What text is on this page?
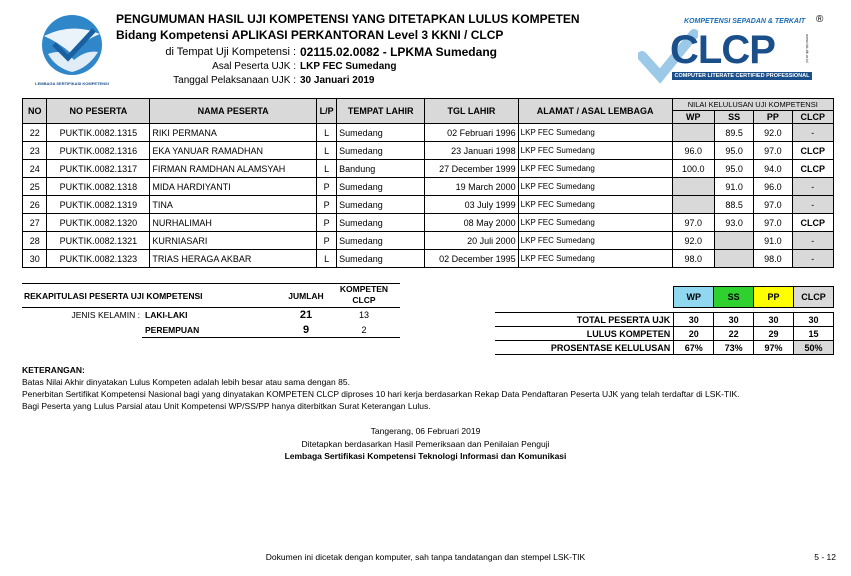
LEMBAGA SERTIFIKASI KOMPETENSI
PENGUMUMAN HASIL UJI KOMPETENSI YANG DITETAPKAN LULUS KOMPETEN
Bidang Kompetensi APLIKASI PERKANTORAN Level 3 KKNI / CLCP
di Tempat Uji Kompetensi : 02115.02.0082 - LPKMA Sumedang
Asal Peserta UJK : LKP FEC Sumedang
Tanggal Pelaksanaan UJK : 30 Januari 2019
KOMPETENSI SEPADAN & TERKAIT ®
CLCP
COMPUTER LITERATE CERTIFIED PROFESSIONAL
www.lsk-tik.or.id
NO	NO PESERTA	NAMA PESERTA	L/P	TEMPAT LAHIR	TGL LAHIR	ALAMAT / ASAL LEMBAGA	NILAI KELULUSAN UJI KOMPETENSI			
							WP	SS	PP	CLCP
22	PUKTIK.0082.1315	RIKI PERMANA	L	Sumedang	02 Februari 1996	LKP FEC Sumedang		89.5	92.0	-
23	PUKTIK.0082.1316	EKA YANUAR RAMADHAN	L	Sumedang	23 Januari 1998	LKP FEC Sumedang	96.0	95.0	97.0	CLCP
24	PUKTIK.0082.1317	FIRMAN RAMDHAN ALAMSYAH	L	Bandung	27 December 1999	LKP FEC Sumedang	100.0	95.0	94.0	CLCP
25	PUKTIK.0082.1318	MIDA HARDIYANTI	P	Sumedang	19 March 2000	LKP FEC Sumedang		91.0	96.0	-
26	PUKTIK.0082.1319	TINA	P	Sumedang	03 July 1999	LKP FEC Sumedang		88.5	97.0	-
27	PUKTIK.0082.1320	NURHALIMAH	P	Sumedang	08 May 2000	LKP FEC Sumedang	97.0	93.0	97.0	CLCP
28	PUKTIK.0082.1321	KURNIASARI	P	Sumedang	20 Juli 2000	LKP FEC Sumedang	92.0		91.0	-
30	PUKTIK.0082.1323	TRIAS HERAGA AKBAR	L	Sumedang	02 December 1995	LKP FEC Sumedang	98.0		98.0	-
REKAPITULASI PESERTA UJI KOMPETENSI	JUMLAH
KOMPETEN
CLCP
JENIS KELAMIN : LAKI-LAKI	21	13
PEREMPUAN	9	2
	WP	SS	PP	CLCP

TOTAL PESERTA UJK	30	30	30	30
LULUS KOMPETEN	20	22	29	15
PROSENTASE KELULUSAN	67%	73%	97%	50%
KETERANGAN:
Batas Nilai Akhir dinyatakan Lulus Kompeten adalah lebih besar atau sama dengan 85.
Penerbitan Sertifikat Kompetensi Nasional bagi yang dinyatakan KOMPETEN CLCP diproses 10 hari kerja berdasarkan Rekap Data Pendaftaran Peserta UJK yang telah terdaftar di LSK-TIK.
Bagi Peserta yang Lulus Parsial atau Unit Kompetensi WP/SS/PP hanya diterbitkan Surat Keterangan Lulus.
Tangerang, 06 Februari 2019
Ditetapkan berdasarkan Hasil Pemeriksaan dan Penilaian Penguji
Lembaga Sertifikasi Kompetensi Teknologi Informasi dan Komunikasi
Dokumen ini dicetak dengan komputer, sah tanpa tandatangan dan stempel LSK-TIK	5 - 12
